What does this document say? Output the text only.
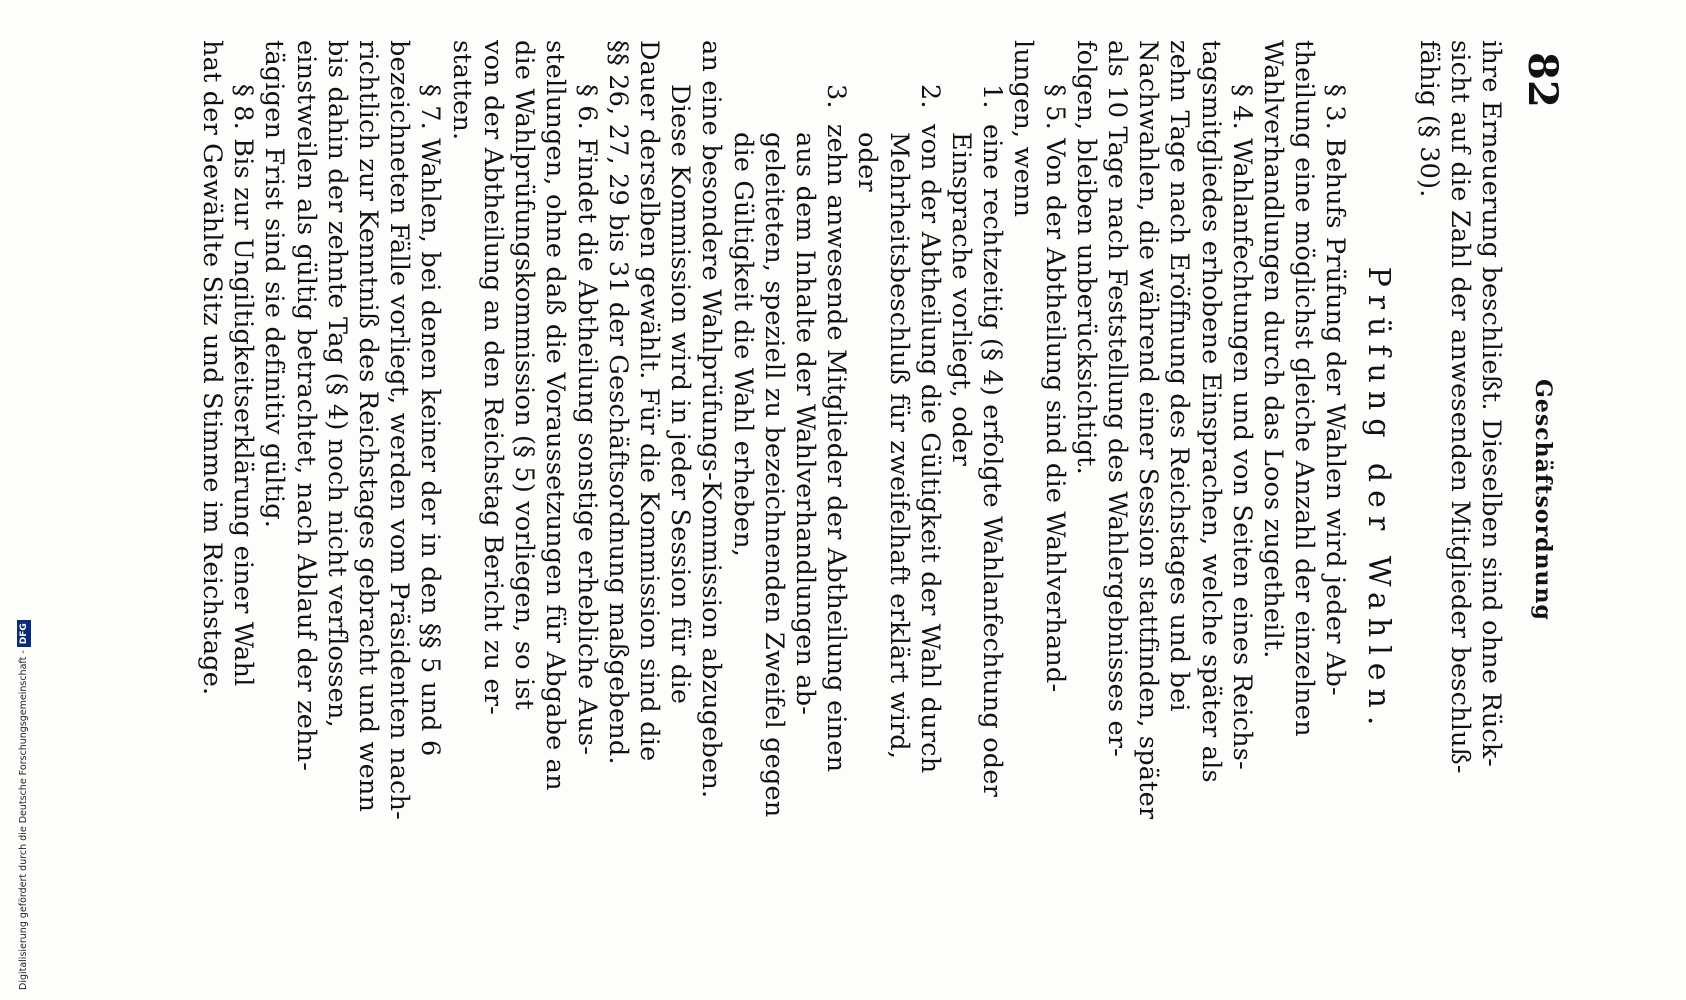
82
Geschäftsordnung
ihre Erneuerung beschließt. Dieselben sind ohne Rück-
sicht auf die Zahl der anwesenden Mitglieder beschluß-
fähig (§ 30).
Prüfung der Wahlen.
§ 3. Behufs Prüfung der Wahlen wird jeder Ab-
theilung eine möglichst gleiche Anzahl der einzelnen
Wahlverhandlungen durch das Loos zugetheilt.
§ 4. Wahlanfechtungen und von Seiten eines Reichs-
tagsmitgliedes erhobene Einsprachen, welche später als
zehn Tage nach Eröffnung des Reichstages und bei
Nachwahlen, die während einer Session stattfinden, später
als 10 Tage nach Feststellung des Wahlergebnisses er-
folgen, bleiben unberücksichtigt.
§ 5. Von der Abtheilung sind die Wahlverhand-
lungen, wenn
1.eine rechtzeitig (§ 4) erfolgte Wahlanfechtung oder
Einsprache vorliegt, oder
2.von der Abtheilung die Gültigkeit der Wahl durch
Mehrheitsbeschluß für zweifelhaft erklärt wird,
oder
3.zehn anwesende Mitglieder der Abtheilung einen
aus dem Inhalte der Wahlverhandlungen ab-
geleiteten, speziell zu bezeichnenden Zweifel gegen
die Gültigkeit die Wahl erheben,
an eine besondere Wahlprüfungs-Kommission abzugeben.
Diese Kommission wird in jeder Session für die
Dauer derselben gewählt. Für die Kommission sind die
§§ 26, 27, 29 bis 31 der Geschäftsordnung maßgebend.
§ 6. Findet die Abtheilung sonstige erhebliche Aus-
stellungen, ohne daß die Voraussetzungen für Abgabe an
die Wahlprüfungskommission (§ 5) vorliegen, so ist
von der Abtheilung an den Reichstag Bericht zu er-
statten.
§ 7. Wahlen, bei denen keiner der in den §§ 5 und 6
bezeichneten Fälle vorliegt, werden vom Präsidenten nach-
richtlich zur Kenntniß des Reichstages gebracht und wenn
bis dahin der zehnte Tag (§ 4) noch nicht verflossen,
einstweilen als gültig betrachtet, nach Ablauf der zehn-
tägigen Frist sind sie definitiv gültig.
§ 8. Bis zur Ungiltigkeitserklärung einer Wahl
hat der Gewählte Sitz und Stimme im Reichstage.
Digitalisierung gefördert durch die Deutsche Forschungsgemeinschaft -DFG
